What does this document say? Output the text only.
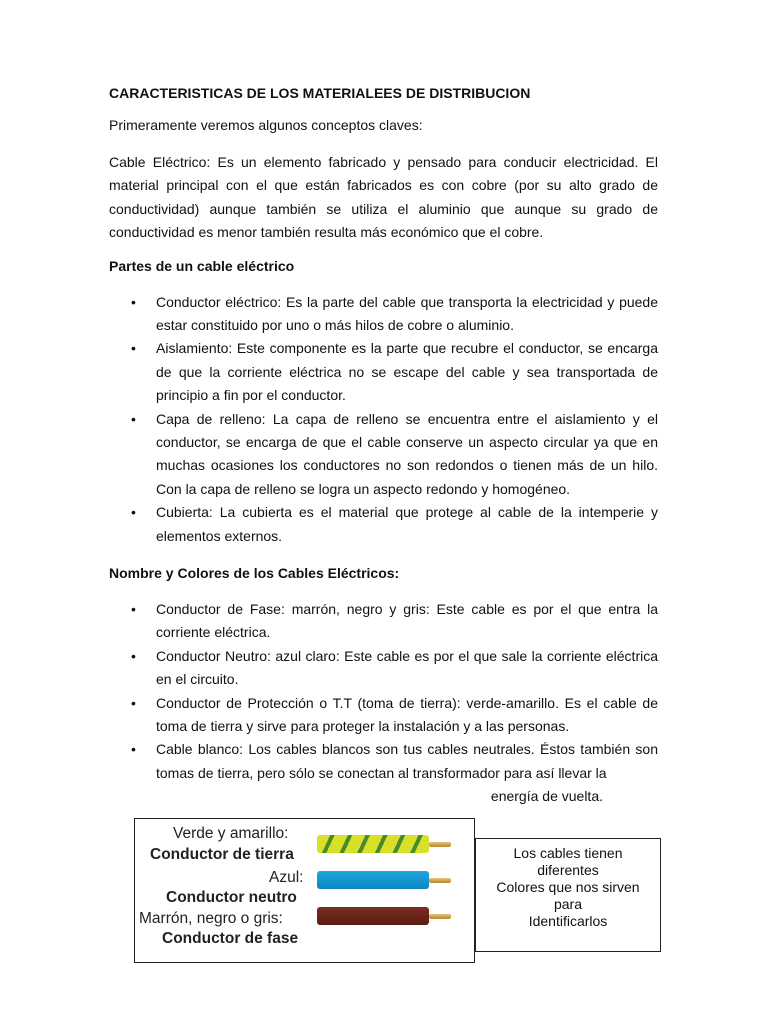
CARACTERISTICAS DE LOS MATERIALEES DE DISTRIBUCION

Primeramente veremos algunos conceptos claves:

Cable Eléctrico: Es un elemento fabricado y pensado para conducir electricidad. El material principal con el que están fabricados es con cobre (por su alto grado de conductividad) aunque también se utiliza el aluminio que aunque su grado de conductividad es menor también resulta más económico que el cobre.

Partes de un cable eléctrico
• Conductor eléctrico: Es la parte del cable que transporta la electricidad y puede estar constituido por uno o más hilos de cobre o aluminio.
• Aislamiento: Este componente es la parte que recubre el conductor, se encarga de que la corriente eléctrica no se escape del cable y sea transportada de principio a fin por el conductor.
• Capa de relleno: La capa de relleno se encuentra entre el aislamiento y el conductor, se encarga de que el cable conserve un aspecto circular ya que en muchas ocasiones los conductores no son redondos o tienen más de un hilo. Con la capa de relleno se logra un aspecto redondo y homogéneo.
• Cubierta: La cubierta es el material que protege al cable de la intemperie y elementos externos.
Nombre y Colores de los Cables Eléctricos:
• Conductor de Fase: marrón, negro y gris: Este cable es por el que entra la corriente eléctrica.
• Conductor Neutro: azul claro: Este cable es por el que sale la corriente eléctrica en el circuito.
• Conductor de Protección o T.T (toma de tierra): verde-amarillo. Es el cable de toma de tierra y sirve para proteger la instalación y a las personas.
• Cable blanco: Los cables blancos son tus cables neutrales. Éstos también son tomas de tierra, pero sólo se conectan al transformador para así llevar la
energía de vuelta.
Verde y amarillo:
Conductor de tierra
Azul:
Conductor neutro
Marrón, negro o gris:
Conductor de fase
Los cables tienen
diferentes
Colores que nos sirven
para
Identificarlos
